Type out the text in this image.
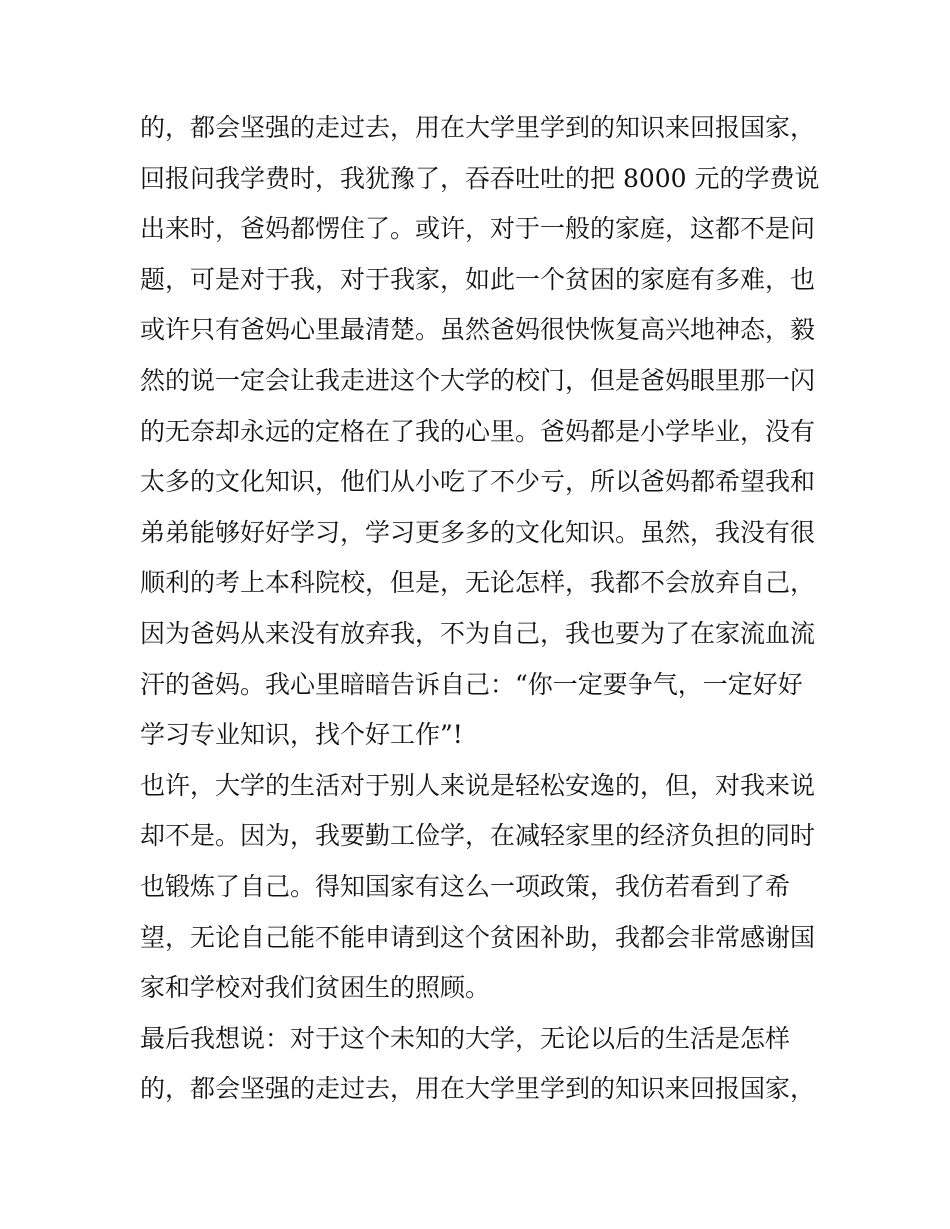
的，都会坚强的走过去，用在大学里学到的知识来回报国家，
回报问我学费时，我犹豫了，吞吞吐吐的把 8000 元的学费说
出来时，爸妈都愣住了。或许，对于一般的家庭，这都不是问
题，可是对于我，对于我家，如此一个贫困的家庭有多难，也
或许只有爸妈心里最清楚。虽然爸妈很快恢复高兴地神态，毅
然的说一定会让我走进这个大学的校门，但是爸妈眼里那一闪
的无奈却永远的定格在了我的心里。爸妈都是小学毕业，没有
太多的文化知识，他们从小吃了不少亏，所以爸妈都希望我和
弟弟能够好好学习，学习更多多的文化知识。虽然，我没有很
顺利的考上本科院校，但是，无论怎样，我都不会放弃自己，
因为爸妈从来没有放弃我，不为自己，我也要为了在家流血流
汗的爸妈。我心里暗暗告诉自己：“你一定要争气，一定好好
学习专业知识，找个好工作”!
也许，大学的生活对于别人来说是轻松安逸的，但，对我来说
却不是。因为，我要勤工俭学，在减轻家里的经济负担的同时
也锻炼了自己。得知国家有这么一项政策，我仿若看到了希
望，无论自己能不能申请到这个贫困补助，我都会非常感谢国
家和学校对我们贫困生的照顾。
最后我想说：对于这个未知的大学，无论以后的生活是怎样
的，都会坚强的走过去，用在大学里学到的知识来回报国家，
